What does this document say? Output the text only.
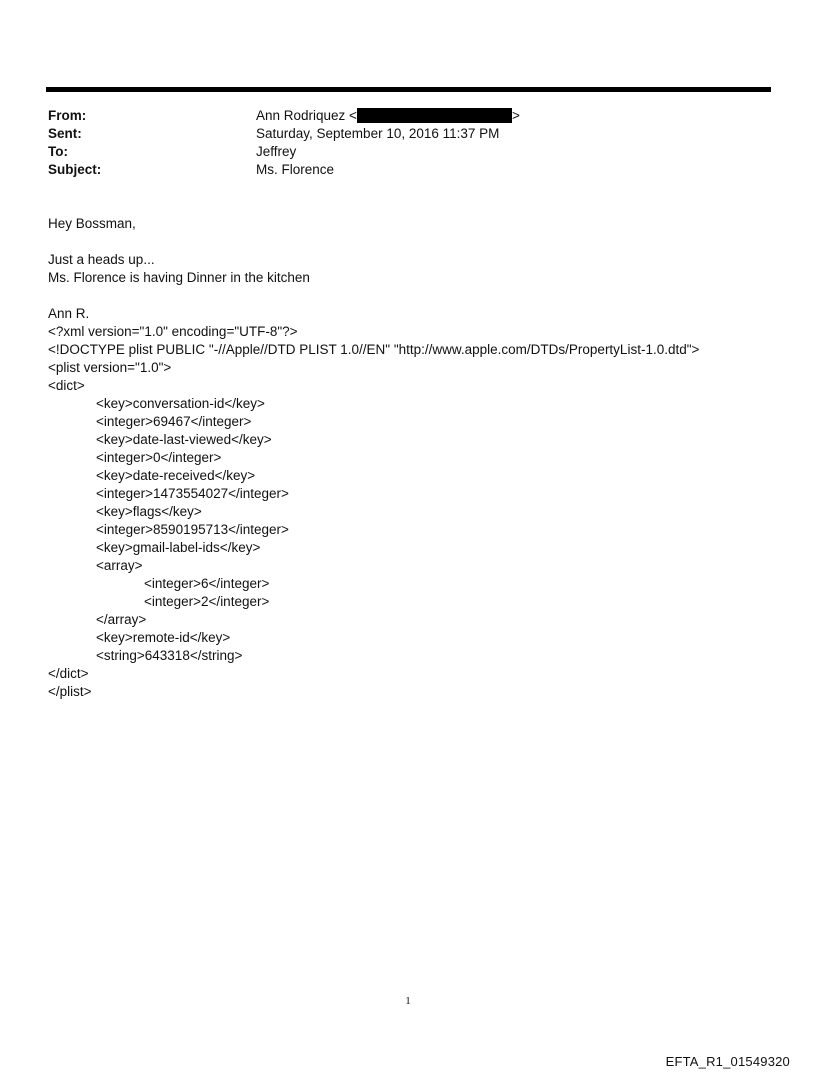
From:	Ann Rodriquez <	>
Sent:	Saturday, September 10, 2016 11:37 PM
To:	Jeffrey
Subject:	Ms. Florence
Hey Bossman,
Just a heads up...
Ms. Florence is having Dinner in the kitchen
Ann R.
<?xml version="1.0" encoding="UTF-8"?>
<!DOCTYPE plist PUBLIC "-//Apple//DTD PLIST 1.0//EN" "http://www.apple.com/DTDs/PropertyList-1.0.dtd">
<plist version="1.0">
<dict>
<key>conversation-id</key>
<integer>69467</integer>
<key>date-last-viewed</key>
<integer>0</integer>
<key>date-received</key>
<integer>1473554027</integer>
<key>flags</key>
<integer>8590195713</integer>
<key>gmail-label-ids</key>
<array>
<integer>6</integer>
<integer>2</integer>
</array>
<key>remote-id</key>
<string>643318</string>
</dict>
</plist>
1
EFTA_R1_01549320
